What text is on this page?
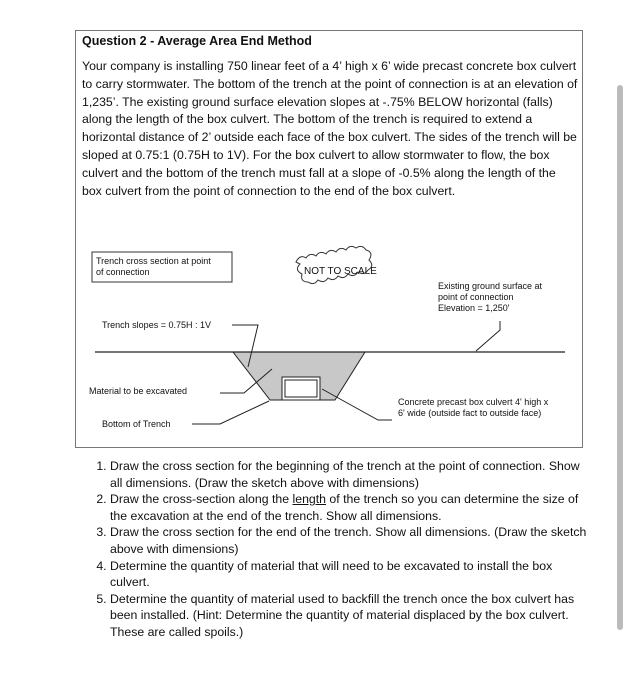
Question 2 - Average Area End Method
Your company is installing 750 linear feet of a 4’ high x 6’ wide precast concrete box culvert to carry stormwater. The bottom of the trench at the point of connection is at an elevation of 1,235’. The existing ground surface elevation slopes at -.75% BELOW horizontal (falls) along the length of the box culvert. The bottom of the trench is required to extend a horizontal distance of 2’ outside each face of the box culvert. The sides of the trench will be sloped at 0.75:1 (0.75H to 1V). For the box culvert to allow stormwater to flow, the box culvert and the bottom of the trench must fall at a slope of -0.5% along the length of the box culvert from the point of connection to the end of the box culvert.
Trench cross section at point
of connection	NOT TO SCALE
Existing ground surface at
point of connection
Elevation = 1,250'
Trench slopes = 0.75H : 1V
Material to be excavated
Bottom of Trench
Concrete precast box culvert 4' high x
6' wide (outside fact to outside face)
1. Draw the cross section for the beginning of the trench at the point of connection. Show all dimensions. (Draw the sketch above with dimensions)
2. Draw the cross-section along the length of the trench so you can determine the size of the excavation at the end of the trench. Show all dimensions.
3. Draw the cross section for the end of the trench. Show all dimensions. (Draw the sketch above with dimensions)
4. Determine the quantity of material that will need to be excavated to install the box culvert.
5. Determine the quantity of material used to backfill the trench once the box culvert has been installed. (Hint: Determine the quantity of material displaced by the box culvert. These are called spoils.)
